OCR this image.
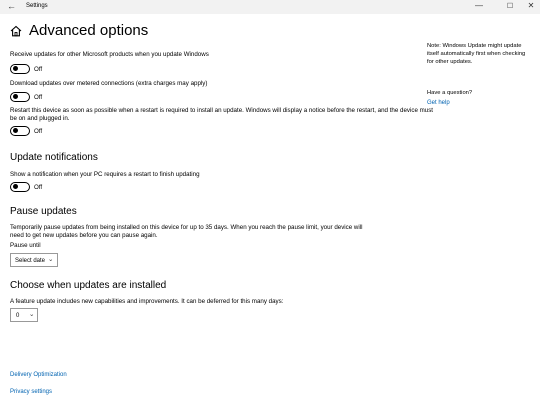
← Settings	—	☐	✕
Advanced options
Receive updates for other Microsoft products when you update Windows
Off
Download updates over metered connections (extra charges may apply)
Off
Restart this device as soon as possible when a restart is required to install an update. Windows will display a notice before the restart, and the device must
be on and plugged in.
Off
Update notifications
Show a notification when your PC requires a restart to finish updating
Off
Pause updates
Temporarily pause updates from being installed on this device for up to 35 days. When you reach the pause limit, your device will
need to get new updates before you can pause again.
Pause until
Select date ⌄
Choose when updates are installed
A feature update includes new capabilities and improvements. It can be deferred for this many days:
0 ⌄
Delivery Optimization
Privacy settings
Note: Windows Update might update
itself automatically first when checking
for other updates.
Have a question?
Get help
